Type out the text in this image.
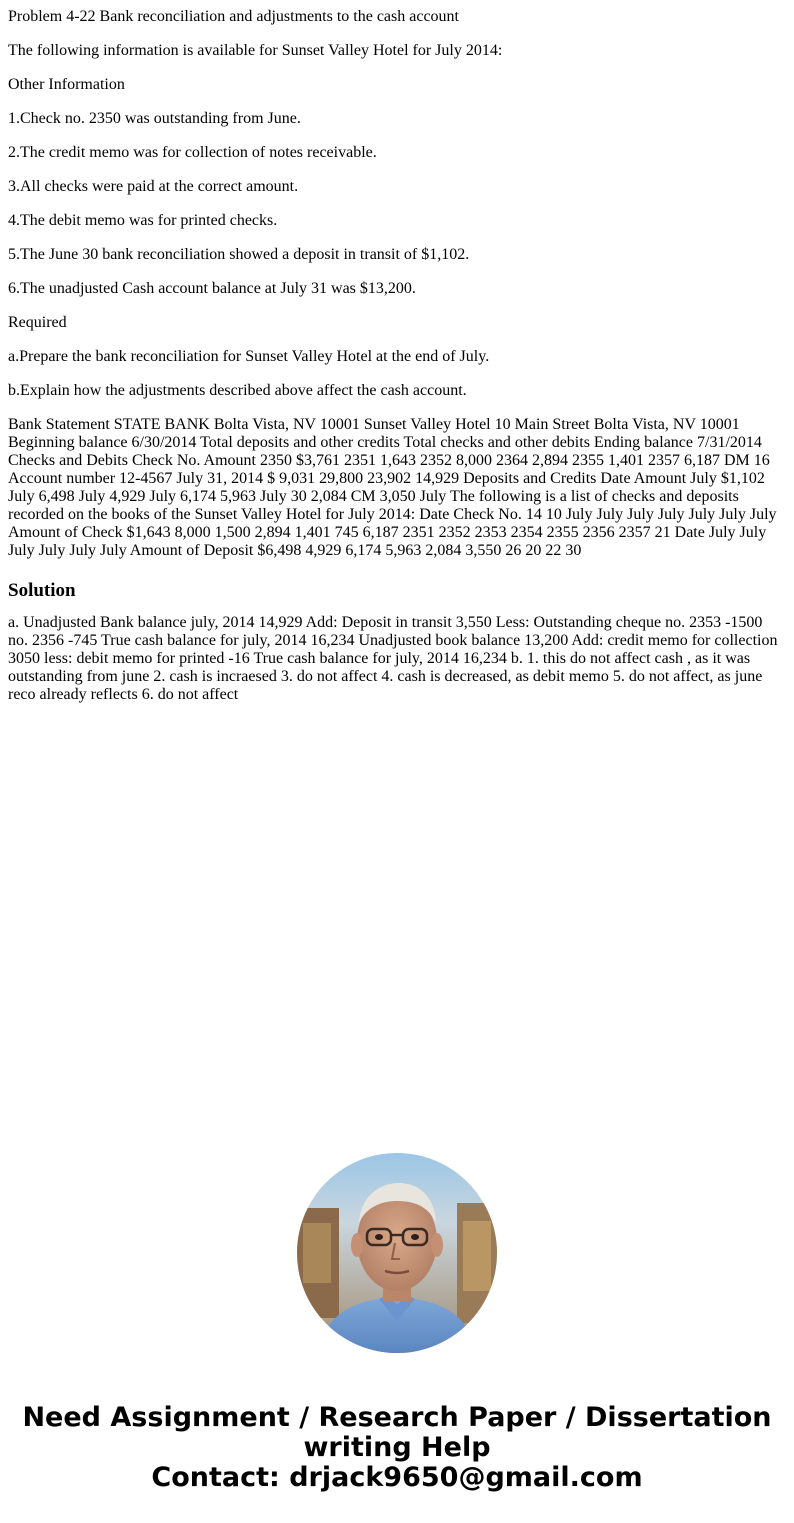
Problem 4-22 Bank reconciliation and adjustments to the cash account

The following information is available for Sunset Valley Hotel for July 2014:

Other Information

1.Check no. 2350 was outstanding from June.

2.The credit memo was for collection of notes receivable.

3.All checks were paid at the correct amount.

4.The debit memo was for printed checks.

5.The June 30 bank reconciliation showed a deposit in transit of $1,102.

6.The unadjusted Cash account balance at July 31 was $13,200.

Required

a.Prepare the bank reconciliation for Sunset Valley Hotel at the end of July.

b.Explain how the adjustments described above affect the cash account.

Bank Statement STATE BANK Bolta Vista, NV 10001 Sunset Valley Hotel 10 Main Street Bolta Vista, NV 10001 Beginning balance 6/30/2014 Total deposits and other credits Total checks and other debits Ending balance 7/31/2014 Checks and Debits Check No. Amount 2350 $3,761 2351 1,643 2352 8,000 2364 2,894 2355 1,401 2357 6,187 DM 16 Account number 12-4567 July 31, 2014 $ 9,031 29,800 23,902 14,929 Deposits and Credits Date Amount July $1,102 July 6,498 July 4,929 July 6,174 5,963 July 30 2,084 CM 3,050 July The following is a list of checks and deposits recorded on the books of the Sunset Valley Hotel for July 2014: Date Check No. 14 10 July July July July July July July Amount of Check $1,643 8,000 1,500 2,894 1,401 745 6,187 2351 2352 2353 2354 2355 2356 2357 21 Date July July July July July July Amount of Deposit $6,498 4,929 6,174 5,963 2,084 3,550 26 20 22 30

Solution

a. Unadjusted Bank balance july, 2014 14,929 Add: Deposit in transit 3,550 Less: Outstanding cheque no. 2353 -1500 no. 2356 -745 True cash balance for july, 2014 16,234 Unadjusted book balance 13,200 Add: credit memo for collection 3050 less: debit memo for printed -16 True cash balance for july, 2014 16,234 b. 1. this do not affect cash , as it was outstanding from june 2. cash is incraesed 3. do not affect 4. cash is decreased, as debit memo 5. do not affect, as june reco already reflects 6. do not affect

Need Assignment / Research Paper / Dissertation
writing Help
Contact: drjack9650@gmail.com
